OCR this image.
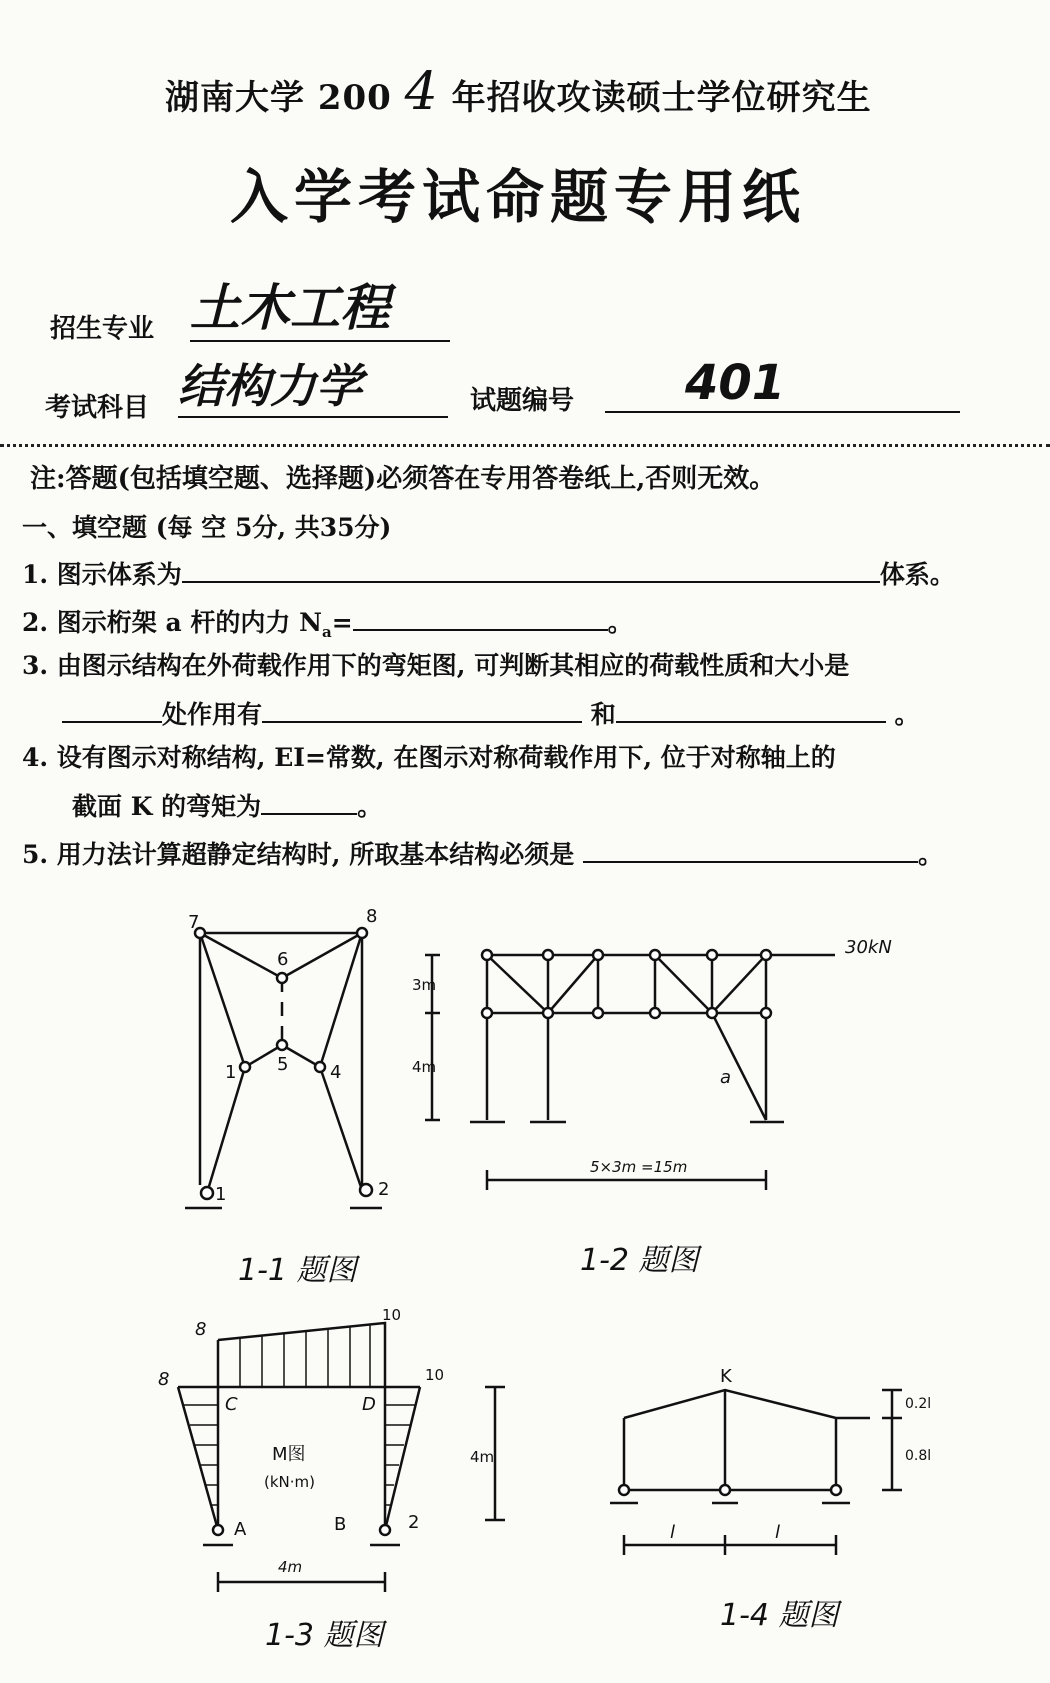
湖南大学 200 4 年招收攻读硕士学位研究生
入学考试命题专用纸
招生专业 土木工程
考试科目 结构力学	试题编号	401
注:答题(包括填空题、选择题)必须答在专用答卷纸上,否则无效。
一、填空题 (每 空 5分, 共35分)
1. 图示体系为	体系。
2. 图示桁架 a 杆的内力 $N_a=$	。
3. 由图示结构在外荷载作用下的弯矩图, 可判断其相应的荷载性质和大小是
处作用有	和	。
4. 设有图示对称结构, EI=常数, 在图示对称荷载作用下, 位于对称轴上的
截面 K 的弯矩为	。
5. 用力法计算超静定结构时, 所取基本结构必须是	。
7	8
6
5
1	4
1	2
30kN
3m
4m
5×3m =15m
a
8
10
8	10
C	D
A	B	2
M图
(kN·m)
4m
4m
K
0.2l
0.8l
l	l
1-1 题图	1-2 题图
1-3 题图
1-4 题图
